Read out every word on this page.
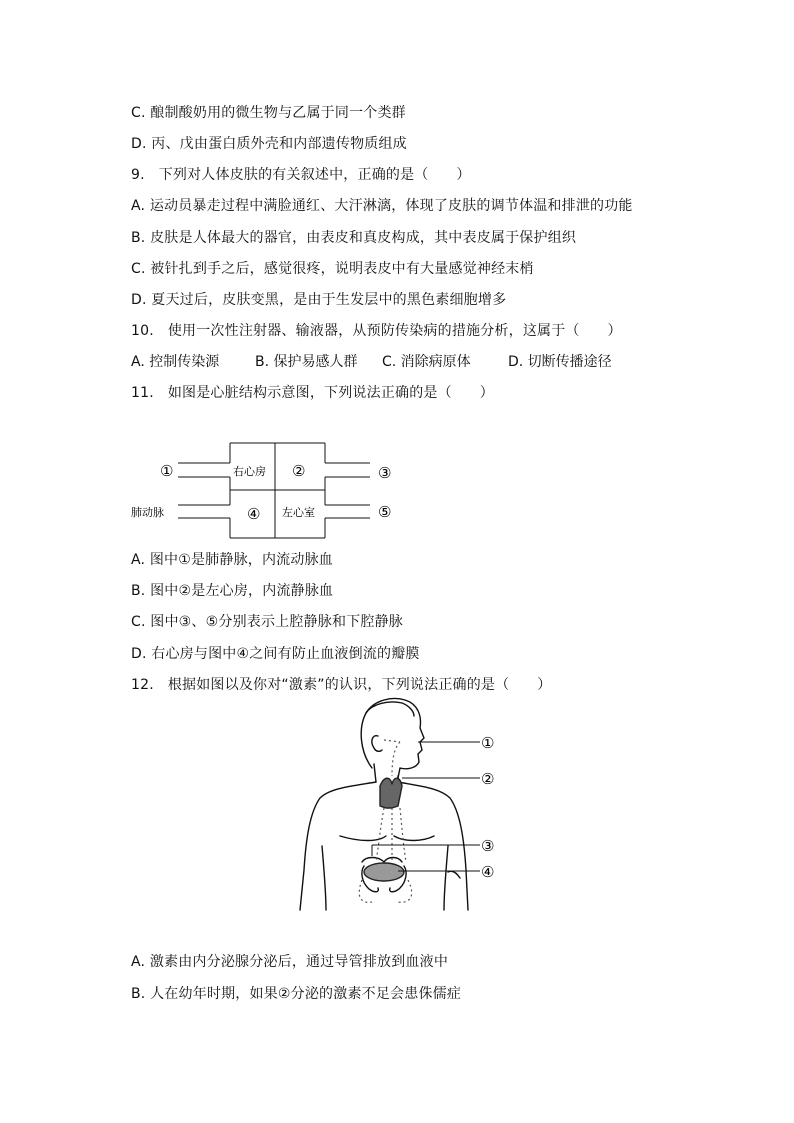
C. 酿制酸奶用的微生物与乙属于同一个类群
D. 丙、戊由蛋白质外壳和内部遗传物质组成
9.   下列对人体皮肤的有关叙述中，正确的是（      ）
A. 运动员暴走过程中满脸通红、大汗淋漓，体现了皮肤的调节体温和排泄的功能
B. 皮肤是人体最大的器官，由表皮和真皮构成，其中表皮属于保护组织
C. 被针扎到手之后，感觉很疼，说明表皮中有大量感觉神经末梢
D. 夏天过后，皮肤变黑，是由于生发层中的黑色素细胞增多
10.   使用一次性注射器、输液器，从预防传染病的措施分析，这属于（      ）
A. 控制传染源	B. 保护易感人群 C. 消除病原体	D. 切断传播途径
11.   如图是心脏结构示意图，下列说法正确的是（      ）
①	右心房 ②	③
肺动脉	④ 左心室	⑤
A. 图中①是肺静脉，内流动脉血
B. 图中②是左心房，内流静脉血
C. 图中③、⑤分别表示上腔静脉和下腔静脉
D. 右心房与图中④之间有防止血液倒流的瓣膜
12.   根据如图以及你对“激素”的认识，下列说法正确的是（      ）
①
②
③
④
A. 激素由内分泌腺分泌后，通过导管排放到血液中
B. 人在幼年时期，如果②分泌的激素不足会患侏儒症
